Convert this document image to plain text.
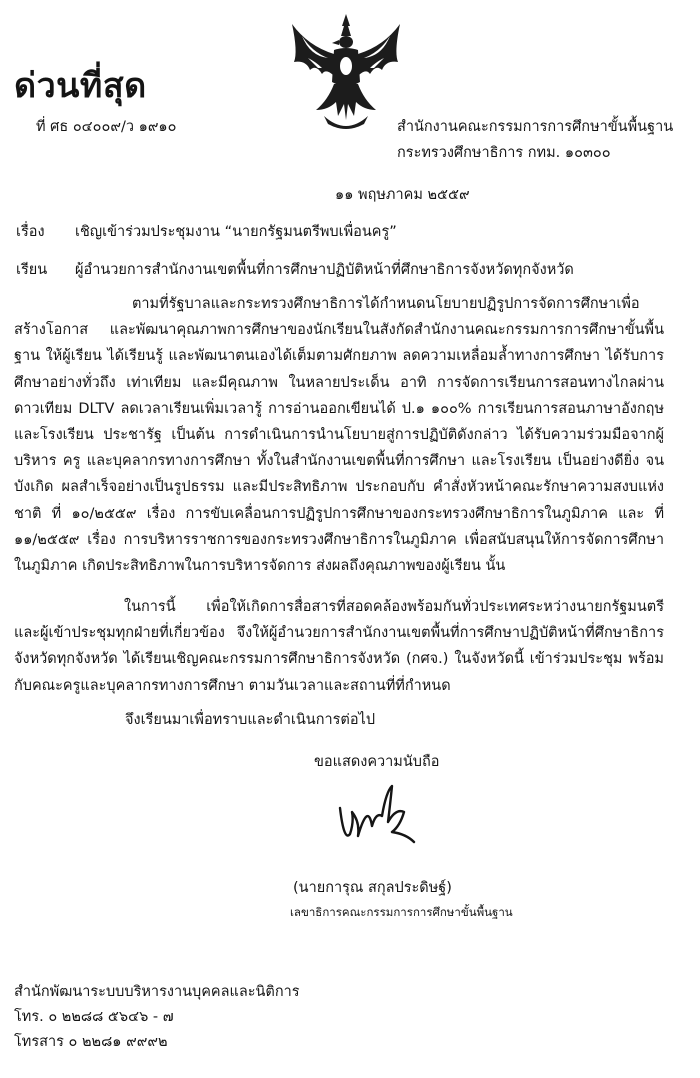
ด่วนที่สุด
ที่ ศธ ๐๔๐๐๙/ว ๑๙๑๐	สำนักงานคณะกรรมการการศึกษาขั้นพื้นฐาน
กระทรวงศึกษาธิการ กทม. ๑๐๓๐๐
๑๑ พฤษภาคม ๒๕๕๙
เรื่อง เชิญเข้าร่วมประชุมงาน “นายกรัฐมนตรีพบเพื่อนครู”
เรียน ผู้อำนวยการสำนักงานเขตพื้นที่การศึกษาปฏิบัติหน้าที่ศึกษาธิการจังหวัดทุกจังหวัด
ตามที่รัฐบาลและกระทรวงศึกษาธิการได้กำหนดนโยบายปฏิรูปการจัดการศึกษาเพื่อสร้างโอกาส และพัฒนาคุณภาพการศึกษาของนักเรียนในสังกัดสำนักงานคณะกรรมการการศึกษาขั้นพื้นฐาน ให้ผู้เรียน ได้เรียนรู้ และพัฒนาตนเองได้เต็มตามศักยภาพ ลดความเหลื่อมล้ำทางการศึกษา ได้รับการศึกษาอย่างทั่วถึง เท่าเทียม และมีคุณภาพ ในหลายประเด็น อาทิ การจัดการเรียนการสอนทางไกลผ่านดาวเทียม DLTV ลดเวลาเรียนเพิ่มเวลารู้ การอ่านออกเขียนได้ ป.๑ ๑๐๐% การเรียนการสอนภาษาอังกฤษ และโรงเรียน ประชารัฐ เป็นต้น การดำเนินการนำนโยบายสู่การปฏิบัติดังกล่าว ได้รับความร่วมมือจากผู้บริหาร ครู และบุคลากรทางการศึกษา ทั้งในสำนักงานเขตพื้นที่การศึกษา และโรงเรียน เป็นอย่างดียิ่ง จนบังเกิด ผลสำเร็จอย่างเป็นรูปธรรม และมีประสิทธิภาพ ประกอบกับ คำสั่งหัวหน้าคณะรักษาความสงบแห่งชาติ ที่ ๑๐/๒๕๕๙ เรื่อง การขับเคลื่อนการปฏิรูปการศึกษาของกระทรวงศึกษาธิการในภูมิภาค และ ที่ ๑๑/๒๕๕๙ เรื่อง การบริหารราชการของกระทรวงศึกษาธิการในภูมิภาค เพื่อสนับสนุนให้การจัดการศึกษาในภูมิภาค เกิดประสิทธิภาพในการบริหารจัดการ ส่งผลถึงคุณภาพของผู้เรียน นั้น
ในการนี้ เพื่อให้เกิดการสื่อสารที่สอดคล้องพร้อมกันทั่วประเทศระหว่างนายกรัฐมนตรี และผู้เข้าประชุมทุกฝ่ายที่เกี่ยวข้อง จึงให้ผู้อำนวยการสำนักงานเขตพื้นที่การศึกษาปฏิบัติหน้าที่ศึกษาธิการ จังหวัดทุกจังหวัด ได้เรียนเชิญคณะกรรมการศึกษาธิการจังหวัด (กศจ.) ในจังหวัดนี้ เข้าร่วมประชุม พร้อมกับคณะครูและบุคลากรทางการศึกษา ตามวันเวลาและสถานที่ที่กำหนด
จึงเรียนมาเพื่อทราบและดำเนินการต่อไป
ขอแสดงความนับถือ
(นายการุณ สกุลประดิษฐ์)
เลขาธิการคณะกรรมการการศึกษาขั้นพื้นฐาน
สำนักพัฒนาระบบบริหารงานบุคคลและนิติการ
โทร. ๐ ๒๒๘๘ ๕๖๔๖ - ๗
โทรสาร ๐ ๒๒๘๑ ๙๙๙๒
